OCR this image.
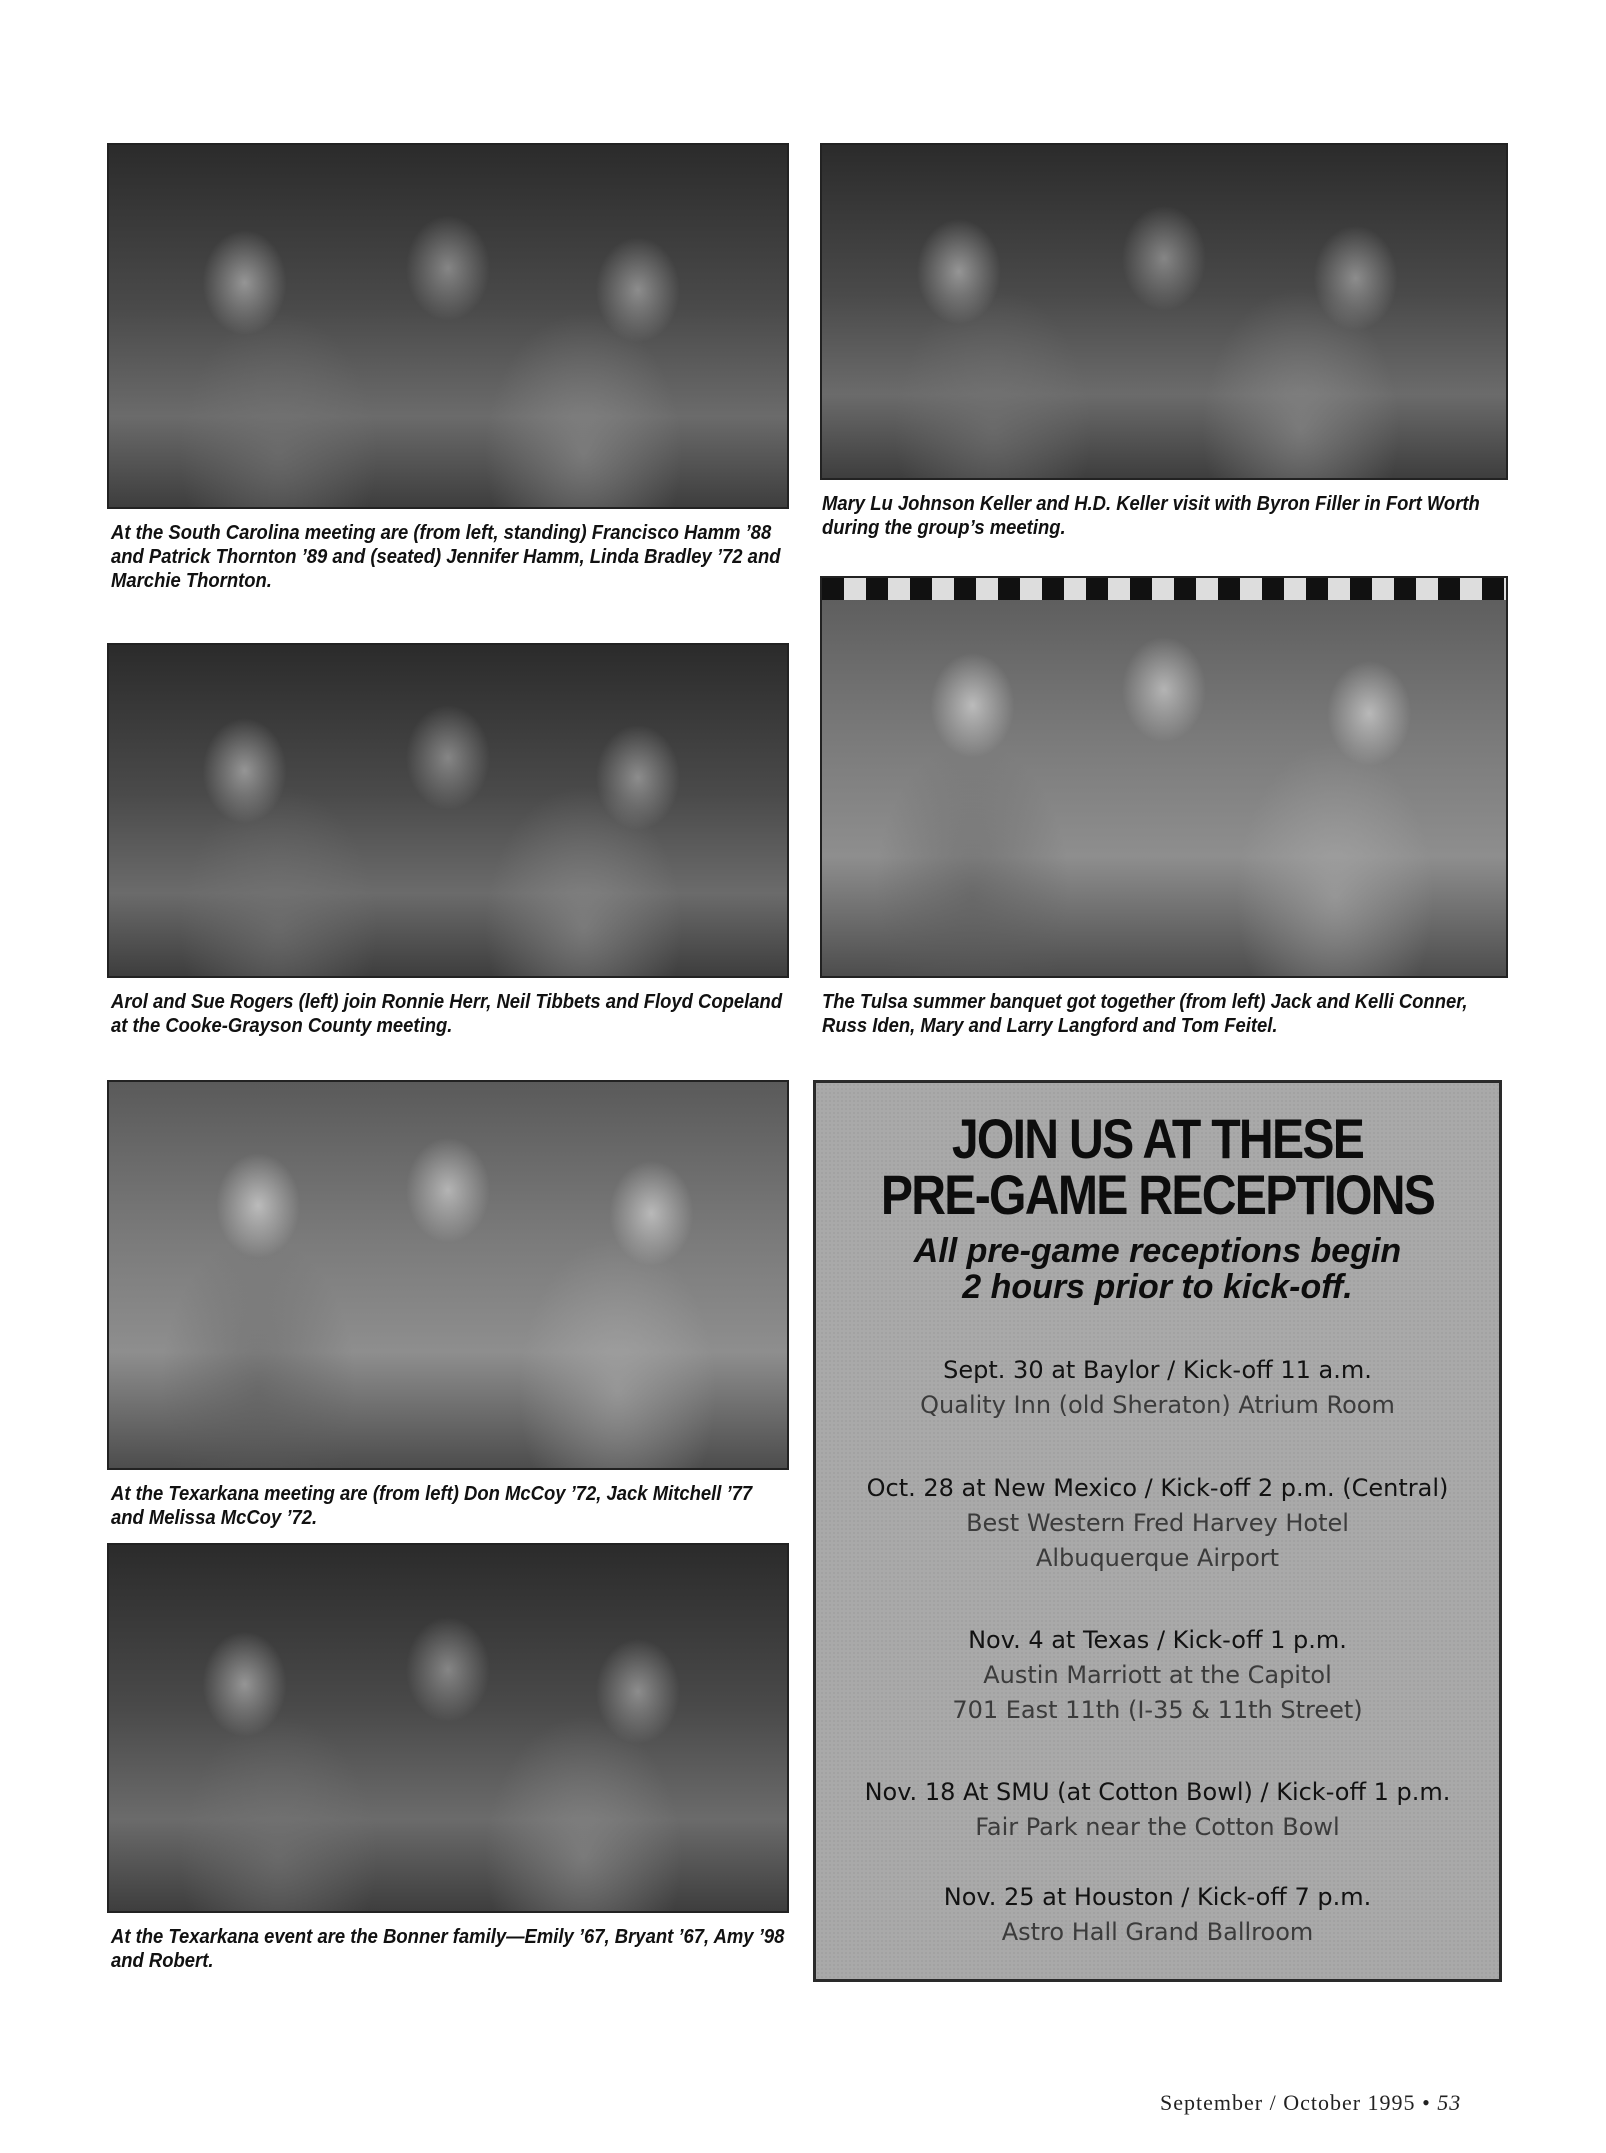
At the South Carolina meeting are (from left, standing) Francisco Hamm ’88 and Patrick Thornton ’89 and (seated) Jennifer Hamm, Linda Bradley ’72 and Marchie Thornton.

Mary Lu Johnson Keller and H.D. Keller visit with Byron Filler in Fort Worth during the group’s meeting.

Arol and Sue Rogers (left) join Ronnie Herr, Neil Tibbets and Floyd Copeland at the Cooke-Grayson County meeting.

The Tulsa summer banquet got together (from left) Jack and Kelli Conner, Russ Iden, Mary and Larry Langford and Tom Feitel.

At the Texarkana meeting are (from left) Don McCoy ’72, Jack Mitchell ’77 and Melissa McCoy ’72.

At the Texarkana event are the Bonner family—Emily ’67, Bryant ’67, Amy ’98 and Robert.

JOIN US AT THESE
PRE-GAME RECEPTIONS

All pre-game receptions begin
2 hours prior to kick-off.

Sept. 30 at Baylor / Kick-off 11 a.m.

Quality Inn (old Sheraton) Atrium Room

Oct. 28 at New Mexico / Kick-off 2 p.m. (Central)

Best Western Fred Harvey Hotel

Albuquerque Airport

Nov. 4 at Texas / Kick-off 1 p.m.

Austin Marriott at the Capitol

701 East 11th (I-35 & 11th Street)

Nov. 18 At SMU (at Cotton Bowl) / Kick-off 1 p.m.

Fair Park near the Cotton Bowl

Nov. 25 at Houston / Kick-off 7 p.m.

Astro Hall Grand Ballroom

September / October 1995 • 53
